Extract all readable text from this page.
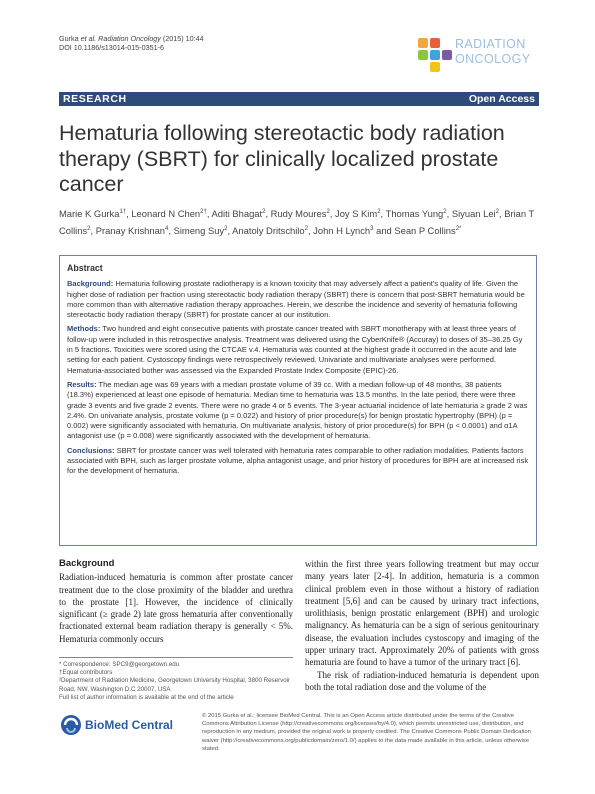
Gurka et al. Radiation Oncology (2015) 10:44
DOI 10.1186/s13014-015-0351-6	RADIATION
ONCOLOGY
RESEARCH	Open Access
Hematuria following stereotactic body radiation therapy (SBRT) for clinically localized prostate cancer
Marie K Gurka$^{1\dagger}$, Leonard N Chen$^{2\dagger}$, Aditi Bhagat$^2$, Rudy Moures$^2$, Joy S Kim$^2$, Thomas Yung$^2$, Siyuan Lei$^2$, Brian T Collins$^2$, Pranay Krishnan$^4$, Simeng Suy$^2$, Anatoly Dritschilo$^2$, John H Lynch$^3$ and Sean P Collins$^{2*}$
Abstract

Background: Hematuria following prostate radiotherapy is a known toxicity that may adversely affect a patient's quality of life. Given the higher dose of radiation per fraction using stereotactic body radiation therapy (SBRT) there is concern that post-SBRT hematuria would be more common than with alternative radiation therapy approaches. Herein, we describe the incidence and severity of hematuria following stereotactic body radiation therapy (SBRT) for prostate cancer at our institution.

Methods: Two hundred and eight consecutive patients with prostate cancer treated with SBRT monotherapy with at least three years of follow-up were included in this retrospective analysis. Treatment was delivered using the CyberKnife® (Accuray) to doses of 35–36.25 Gy in 5 fractions. Toxicities were scored using the CTCAE v.4. Hematuria was counted at the highest grade it occurred in the acute and late setting for each patient. Cystoscopy findings were retrospectively reviewed. Univariate and multivariate analyses were performed. Hematuria-associated bother was assessed via the Expanded Prostate Index Composite (EPIC)-26.

Results: The median age was 69 years with a median prostate volume of 39 cc. With a median follow-up of 48 months, 38 patients (18.3%) experienced at least one episode of hematuria. Median time to hematuria was 13.5 months. In the late period, there were three grade 3 events and five grade 2 events. There were no grade 4 or 5 events. The 3-year actuarial incidence of late hematuria ≥ grade 2 was 2.4%. On univariate analysis, prostate volume (p = 0.022) and history of prior procedure(s) for benign prostatic hypertrophy (BPH) (p = 0.002) were significantly associated with hematuria. On multivariate analysis, history of prior procedure(s) for BPH (p < 0.0001) and α1A antagonist use (p = 0.008) were significantly associated with the development of hematuria.

Conclusions: SBRT for prostate cancer was well tolerated with hematuria rates comparable to other radiation modalities. Patients factors associated with BPH, such as larger prostate volume, alpha antagonist usage, and prior history of procedures for BPH are at increased risk for the development of hematuria.

Background

Radiation-induced hematuria is common after prostate cancer treatment due to the close proximity of the bladder and urethra to the prostate [1]. However, the incidence of clinically significant (≥ grade 2) late gross hematuria after conventionally fractionated external beam radiation therapy is generally < 5%. Hematuria commonly occurs

* Correspondence: SPC9@georgetown.edu
†Equal contributors
²Department of Radiation Medicine, Georgetown University Hospital, 3800 Reservoir Road, NW, Washington D.C 20007, USA
Full list of author information is available at the end of the article

within the first three years following treatment but may occur many years later [2-4]. In addition, hematuria is a common clinical problem even in those without a history of radiation treatment [5,6] and can be caused by urinary tract infections, urolithiasis, benign prostatic enlargement (BPH) and urologic malignancy. As hematuria can be a sign of serious genitourinary disease, the evaluation includes cystoscopy and imaging of the upper urinary tract. Approximately 20% of patients with gross hematuria are found to have a tumor of the urinary tract [6].

The risk of radiation-induced hematuria is dependent upon both the total radiation dose and the volume of the

BioMed Central
© 2015 Gurka et al.; licensee BioMed Central. This is an Open Access article distributed under the terms of the Creative Commons Attribution License (http://creativecommons.org/licenses/by/4.0), which permits unrestricted use, distribution, and reproduction in any medium, provided the original work is properly credited. The Creative Commons Public Domain Dedication waiver (http://creativecommons.org/publicdomain/zero/1.0/) applies to the data made available in this article, unless otherwise stated.
